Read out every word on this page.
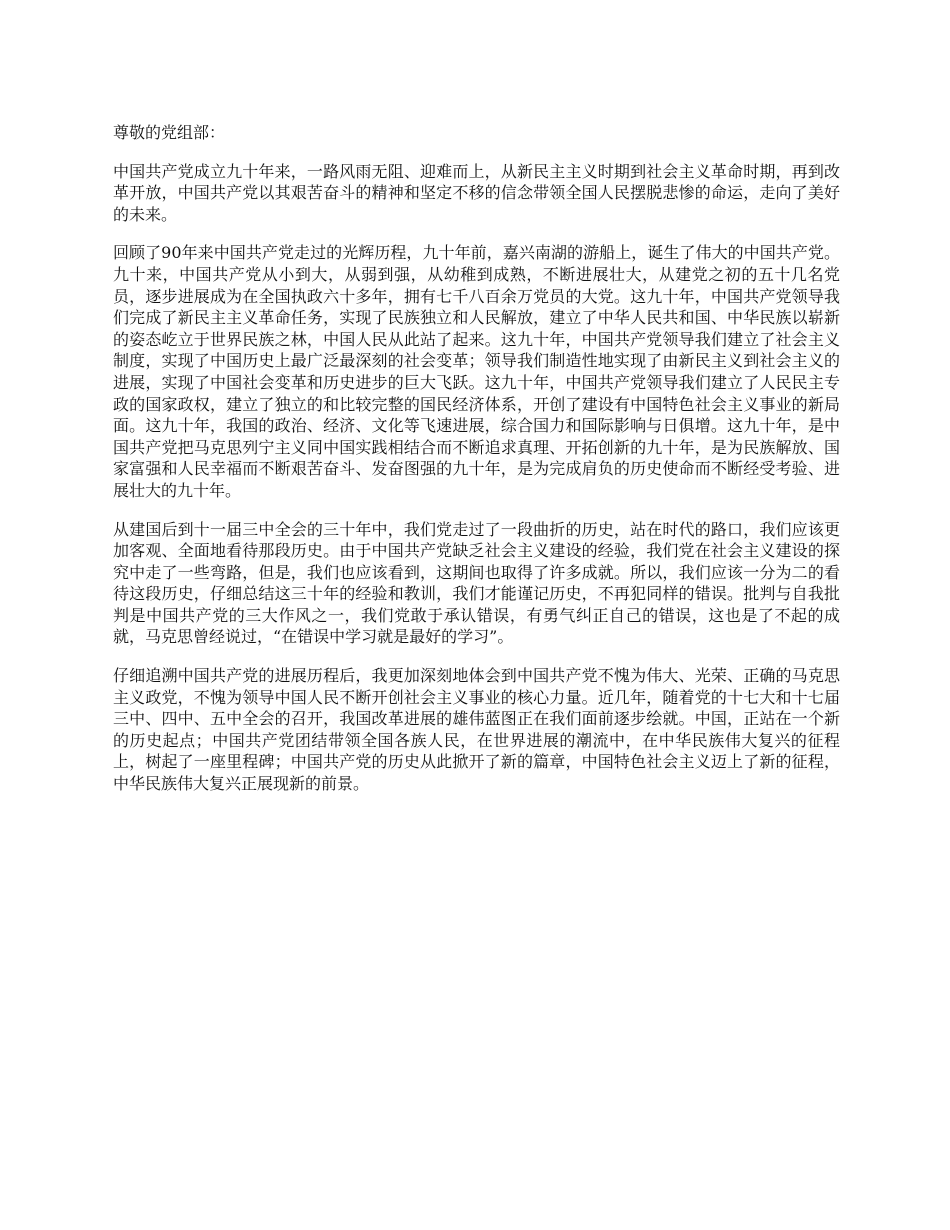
尊敬的党组部：

中国共产党成立九十年来，一路风雨无阻、迎难而上，从新民主主义时期到社会主义革命时期，再到改革开放，中国共产党以其艰苦奋斗的精神和坚定不移的信念带领全国人民摆脱悲惨的命运，走向了美好的未来。

回顾了90年来中国共产党走过的光辉历程，九十年前，嘉兴南湖的游船上，诞生了伟大的中国共产党。九十来，中国共产党从小到大，从弱到强，从幼稚到成熟，不断进展壮大，从建党之初的五十几名党员，逐步进展成为在全国执政六十多年，拥有七千八百余万党员的大党。这九十年，中国共产党领导我们完成了新民主主义革命任务，实现了民族独立和人民解放，建立了中华人民共和国、中华民族以崭新的姿态屹立于世界民族之林，中国人民从此站了起来。这九十年，中国共产党领导我们建立了社会主义制度，实现了中国历史上最广泛最深刻的社会变革；领导我们制造性地实现了由新民主义到社会主义的进展，实现了中国社会变革和历史进步的巨大飞跃。这九十年，中国共产党领导我们建立了人民民主专政的国家政权，建立了独立的和比较完整的国民经济体系，开创了建设有中国特色社会主义事业的新局面。这九十年，我国的政治、经济、文化等飞速进展，综合国力和国际影响与日俱增。这九十年，是中国共产党把马克思列宁主义同中国实践相结合而不断追求真理、开拓创新的九十年，是为民族解放、国家富强和人民幸福而不断艰苦奋斗、发奋图强的九十年，是为完成肩负的历史使命而不断经受考验、进展壮大的九十年。

从建国后到十一届三中全会的三十年中，我们党走过了一段曲折的历史，站在时代的路口，我们应该更加客观、全面地看待那段历史。由于中国共产党缺乏社会主义建设的经验，我们党在社会主义建设的探究中走了一些弯路，但是，我们也应该看到，这期间也取得了许多成就。所以，我们应该一分为二的看待这段历史，仔细总结这三十年的经验和教训，我们才能谨记历史，不再犯同样的错误。批判与自我批判是中国共产党的三大作风之一，我们党敢于承认错误，有勇气纠正自己的错误，这也是了不起的成就，马克思曾经说过，“在错误中学习就是最好的学习”。

仔细追溯中国共产党的进展历程后，我更加深刻地体会到中国共产党不愧为伟大、光荣、正确的马克思主义政党，不愧为领导中国人民不断开创社会主义事业的核心力量。近几年，随着党的十七大和十七届三中、四中、五中全会的召开，我国改革进展的雄伟蓝图正在我们面前逐步绘就。中国，正站在一个新的历史起点；中国共产党团结带领全国各族人民，在世界进展的潮流中，在中华民族伟大复兴的征程上，树起了一座里程碑；中国共产党的历史从此掀开了新的篇章，中国特色社会主义迈上了新的征程，中华民族伟大复兴正展现新的前景。
